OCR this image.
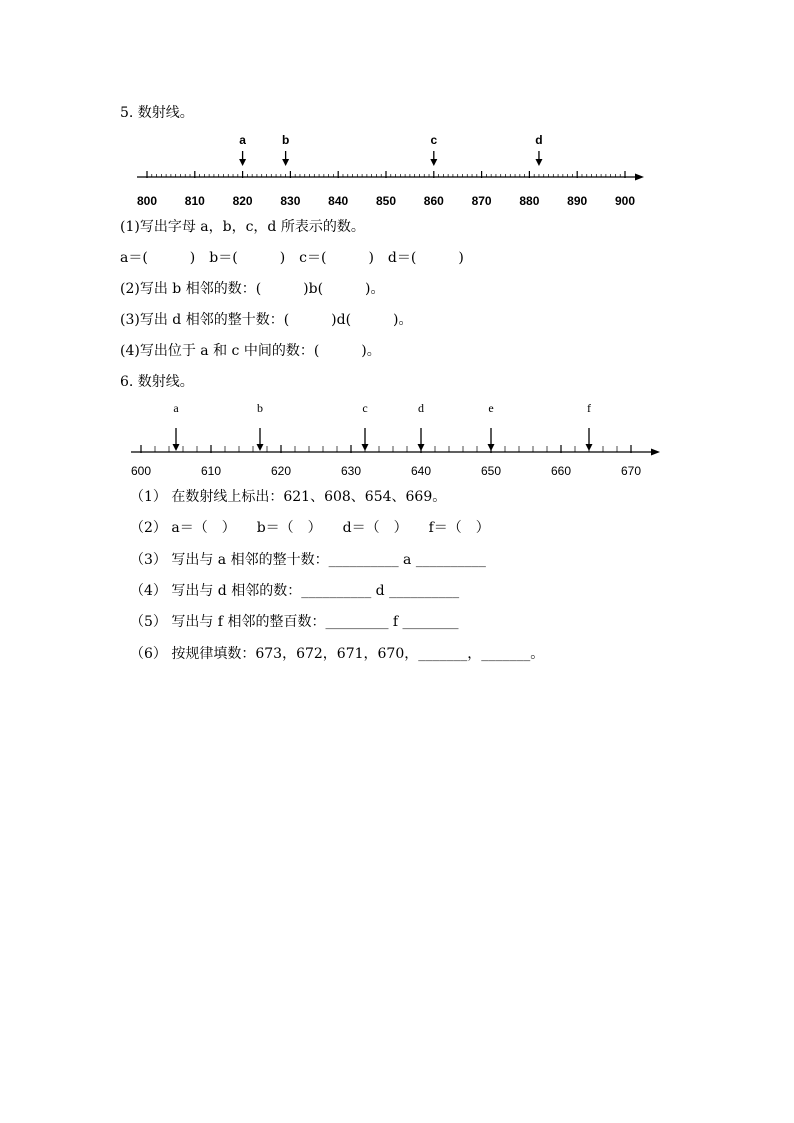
5. 数射线。
800 810 820 830 840 850 860 870 880 890 900
a	b	c	d
(1)写出字母 a，b，c，d 所表示的数。
a＝(　　　)　b＝(　　　)　c＝(　　　)　d＝(　　　)
(2)写出 b 相邻的数：(　　　)b(　　　)。
(3)写出 d 相邻的整十数：(　　　)d(　　　)。
(4)写出位于 a 和 c 中间的数：(　　　)。
6. 数射线。
600	610	620	630	640	650	660	670
a	b	c	d	e	f
（1） 在数射线上标出：621、608、654、669。
（2） a＝（　）　　b＝（　）　　d＝（　）　　f＝（　）
（3） 写出与 a 相邻的整十数：__________ a __________
（4） 写出与 d 相邻的数：__________ d __________
（5） 写出与 f 相邻的整百数：_________ f ________
（6） 按规律填数：673，672，671，670，_______，_______。
